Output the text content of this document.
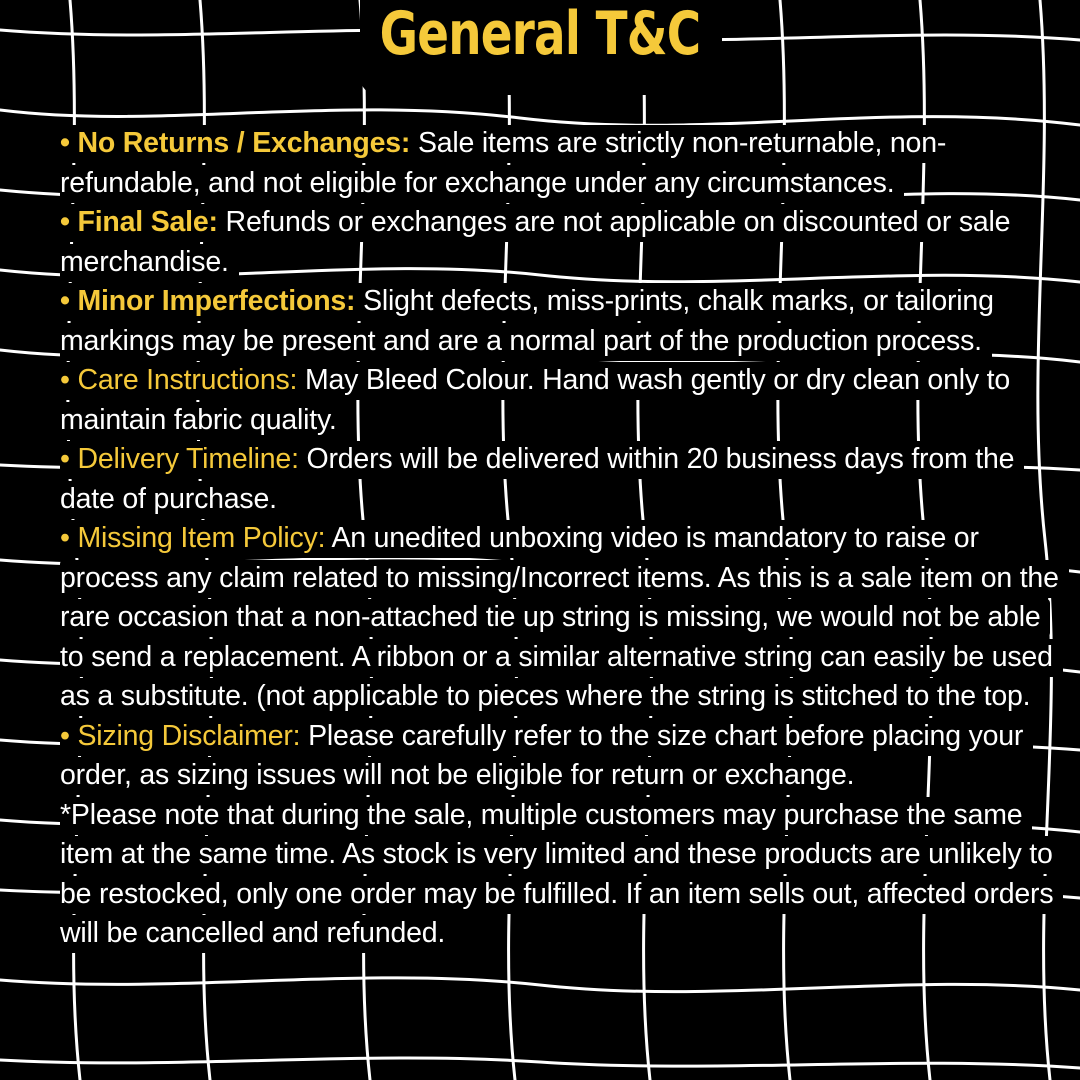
General T&C

• No Returns / Exchanges: Sale items are strictly non-returnable, non-refundable, and not eligible for exchange under any circumstances.

• Final Sale: Refunds or exchanges are not applicable on discounted or sale merchandise.

• Minor Imperfections: Slight defects, miss-prints, chalk marks, or tailoring markings may be present and are a normal part of the production process.

• Care Instructions: May Bleed Colour. Hand wash gently or dry clean only to maintain fabric quality.

• Delivery Timeline: Orders will be delivered within 20 business days from the date of purchase.

• Missing Item Policy: An unedited unboxing video is mandatory to raise or process any claim related to missing/Incorrect items. As this is a sale item on the rare occasion that a non-attached tie up string is missing, we would not be able to send a replacement. A ribbon or a similar alternative string can easily be used as a substitute. (not applicable to pieces where the string is stitched to the top.

• Sizing Disclaimer: Please carefully refer to the size chart before placing your order, as sizing issues will not be eligible for return or exchange.

*Please note that during the sale, multiple customers may purchase the same item at the same time. As stock is very limited and these products are unlikely to be restocked, only one order may be fulfilled. If an item sells out, affected orders will be cancelled and refunded.
